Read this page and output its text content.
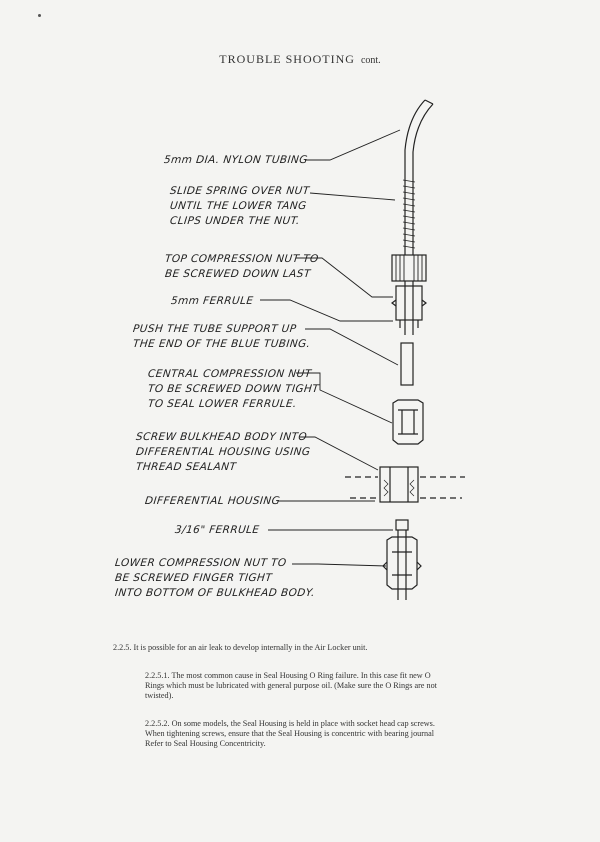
TROUBLE SHOOTING cont.
5mm DIA. NYLON TUBING
SLIDE SPRING OVER NUT
UNTIL THE LOWER TANG
CLIPS UNDER THE NUT.
TOP COMPRESSION NUT TO
BE SCREWED DOWN LAST
5mm FERRULE
PUSH THE TUBE SUPPORT UP
THE END OF THE BLUE TUBING.
CENTRAL COMPRESSION NUT
TO BE SCREWED DOWN TIGHT
TO SEAL LOWER FERRULE.
SCREW BULKHEAD BODY INTO
DIFFERENTIAL HOUSING USING
THREAD SEALANT
DIFFERENTIAL HOUSING
3/16" FERRULE
LOWER COMPRESSION NUT TO
BE SCREWED FINGER TIGHT
INTO BOTTOM OF BULKHEAD BODY.
2.2.5. It is possible for an air leak to develop internally in the Air Locker unit.
2.2.5.1. The most common cause in Seal Housing O Ring failure. In this case fit new O
Rings which must be lubricated with general purpose oil. (Make sure the O Rings are not
twisted).
2.2.5.2. On some models, the Seal Housing is held in place with socket head cap screws.
When tightening screws, ensure that the Seal Housing is concentric with bearing journal
Refer to Seal Housing Concentricity.
